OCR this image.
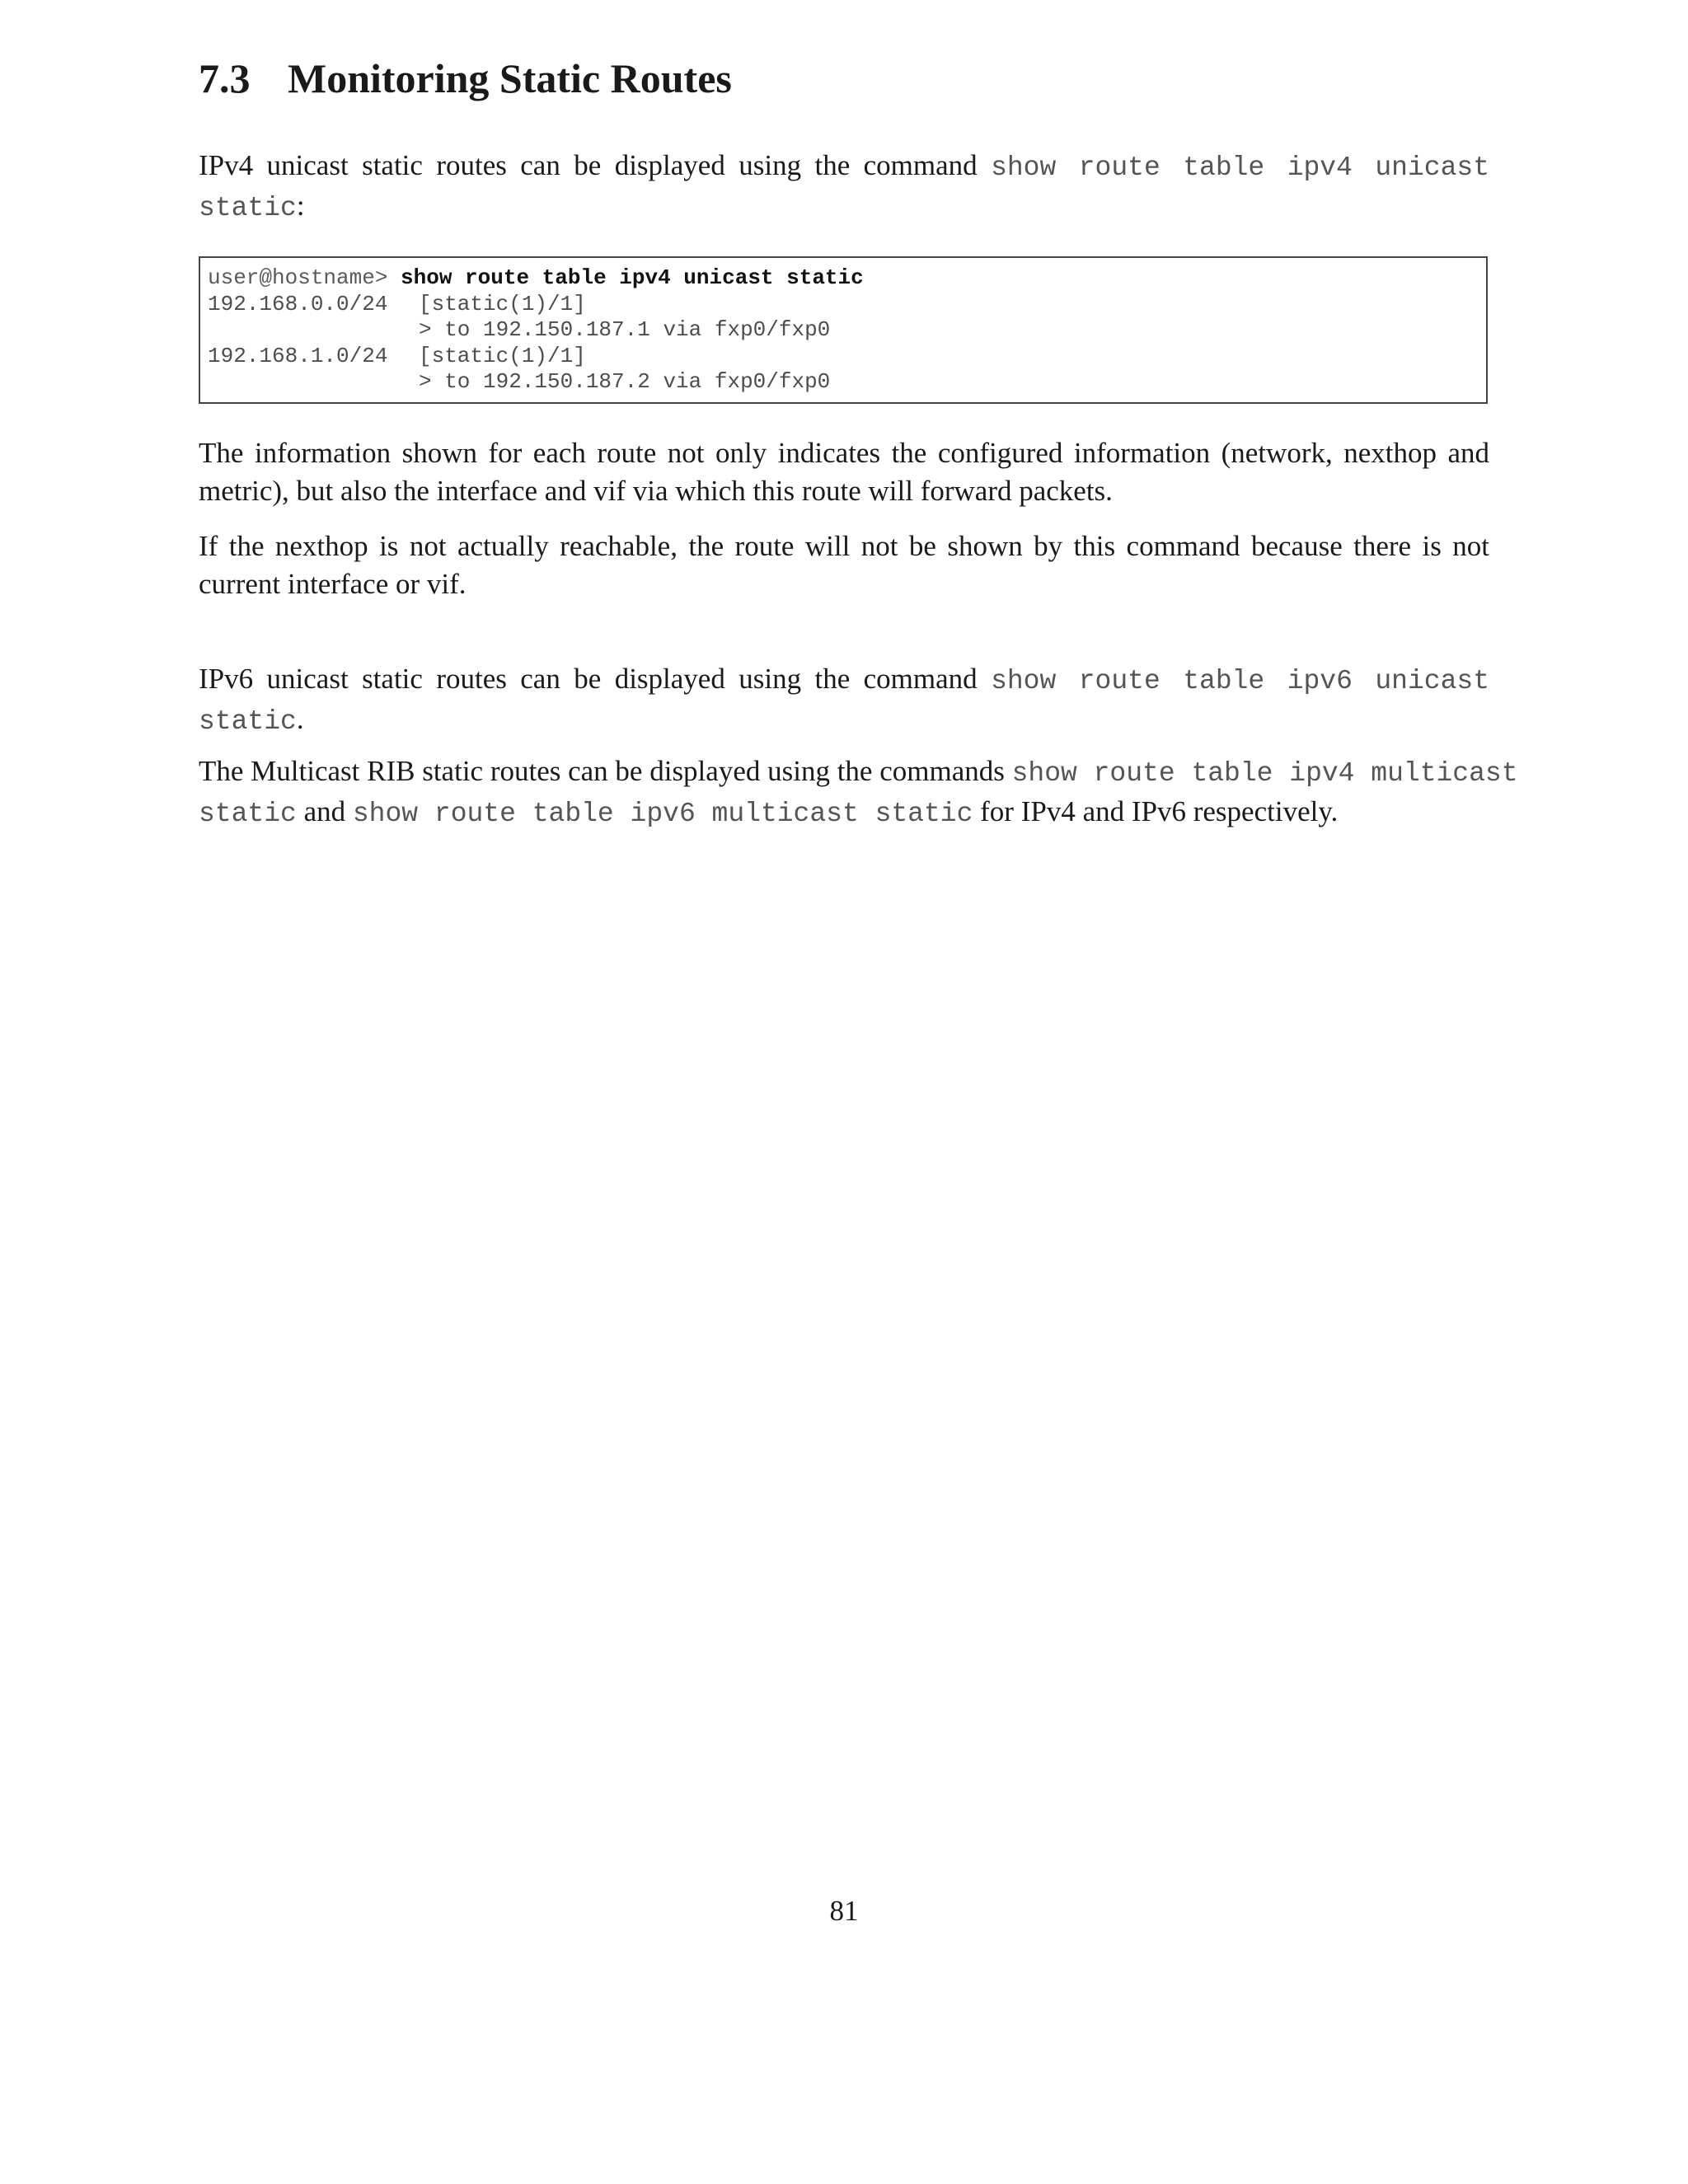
7.3 Monitoring Static Routes

IPv4 unicast static routes can be displayed using the command show route table ipv4 unicast static:

user@hostname> show route table ipv4 unicast static
192.168.0.0/24 [static(1)/1]
> to 192.150.187.1 via fxp0/fxp0
192.168.1.0/24 [static(1)/1]
> to 192.150.187.2 via fxp0/fxp0

The information shown for each route not only indicates the configured information (network, nexthop and metric), but also the interface and vif via which this route will forward packets.

If the nexthop is not actually reachable, the route will not be shown by this command because there is not current interface or vif.

IPv6 unicast static routes can be displayed using the command show route table ipv6 unicast static.

The Multicast RIB static routes can be displayed using the commands show route table ipv4 multicast static and show route table ipv6 multicast static for IPv4 and IPv6 respectively.

81
